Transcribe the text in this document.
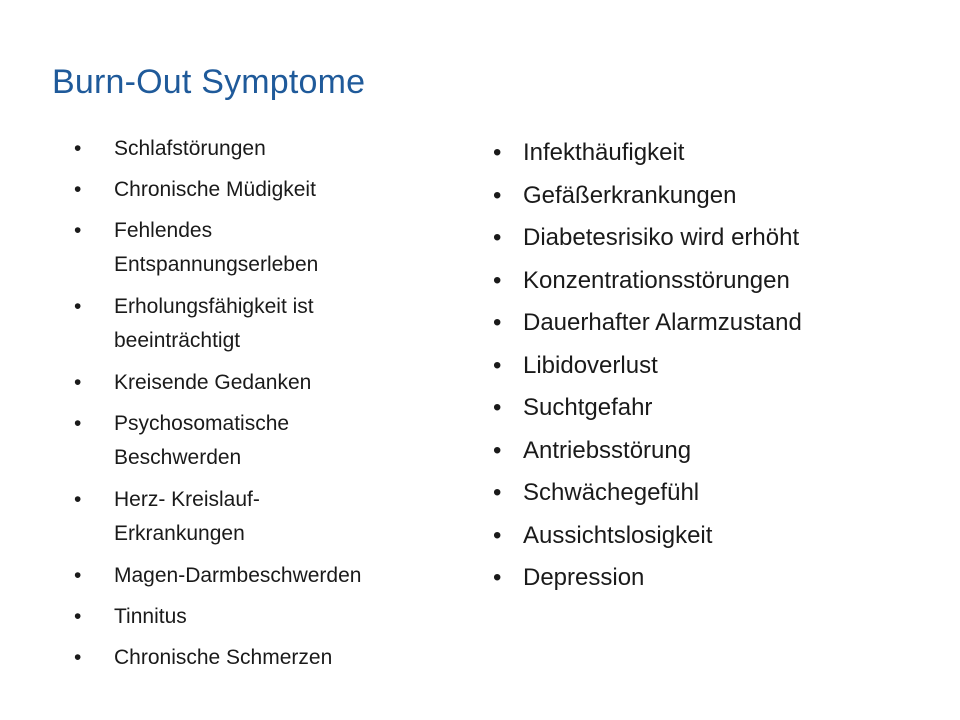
Burn-Out Symptome
• Schlafstörungen
• Chronische Müdigkeit
• Fehlendes Entspannungserleben
• Erholungsfähigkeit ist beeinträchtigt
• Kreisende Gedanken
• Psychosomatische Beschwerden
• Herz- Kreislauf-Erkrankungen
• Magen-Darmbeschwerden
• Tinnitus
• Chronische Schmerzen
• Infekthäufigkeit
• Gefäßerkrankungen
• Diabetesrisiko wird erhöht
• Konzentrationsstörungen
• Dauerhafter Alarmzustand
• Libidoverlust
• Suchtgefahr
• Antriebsstörung
• Schwächegefühl
• Aussichtslosigkeit
• Depression
